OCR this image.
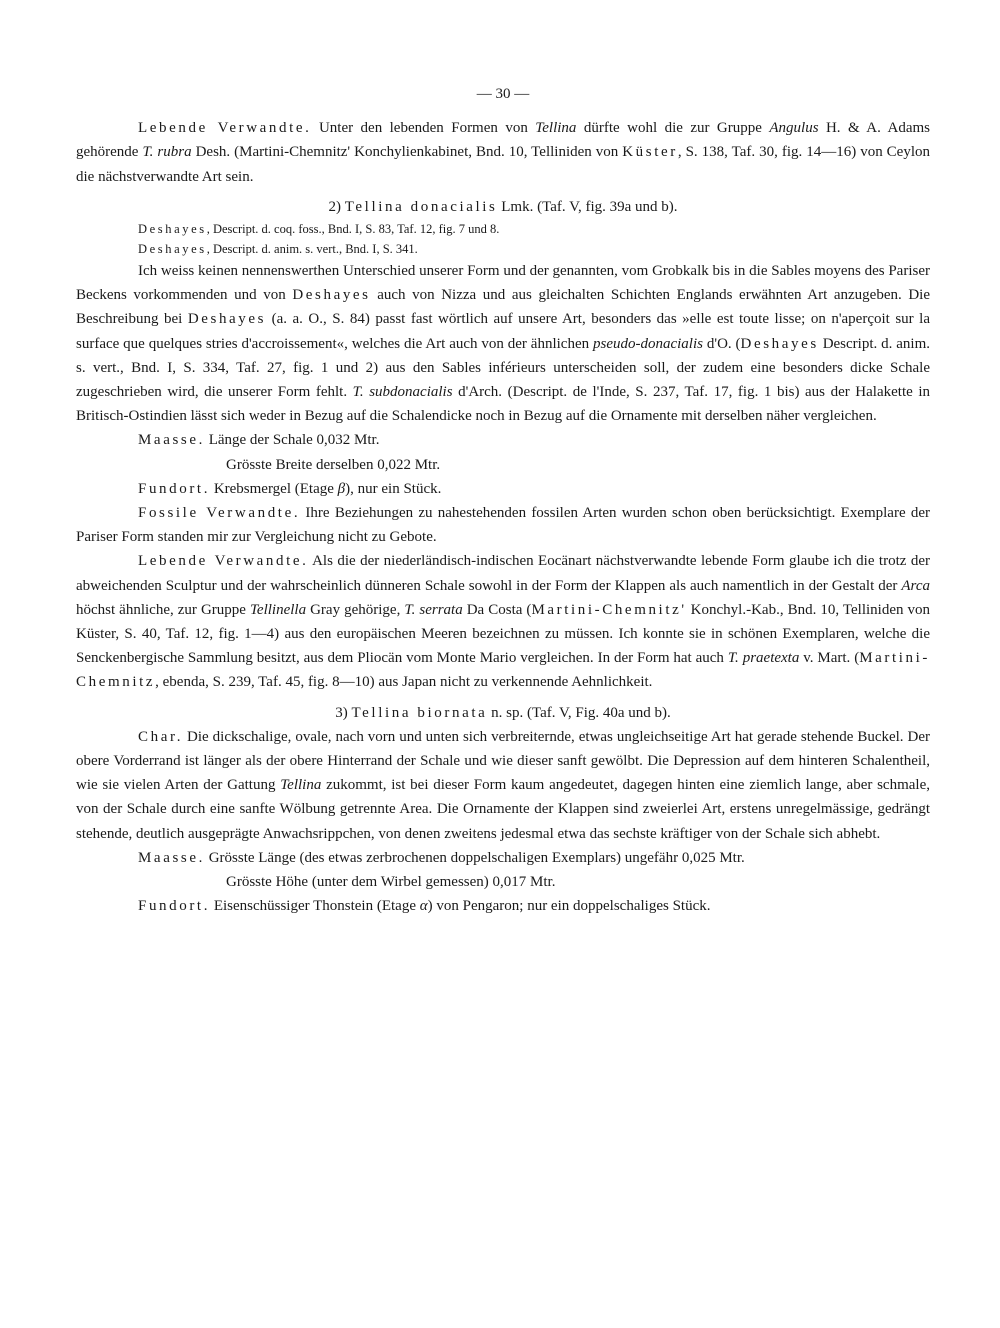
— 30 —

Lebende Verwandte. Unter den lebenden Formen von Tellina dürfte wohl die zur Gruppe Angulus H. & A. Adams gehörende T. rubra Desh. (Martini-Chemnitz' Konchylienkabinet, Bnd. 10, Telliniden von Küster, S. 138, Taf. 30, fig. 14—16) von Ceylon die nächstverwandte Art sein.

2) Tellina donacialis Lmk. (Taf. V, fig. 39a und b).

Deshayes, Descript. d. coq. foss., Bnd. I, S. 83, Taf. 12, fig. 7 und 8.

Deshayes, Descript. d. anim. s. vert., Bnd. I, S. 341.

Ich weiss keinen nennenswerthen Unterschied unserer Form und der genannten, vom Grobkalk bis in die Sables moyens des Pariser Beckens vorkommenden und von Deshayes auch von Nizza und aus gleichalten Schichten Englands erwähnten Art anzugeben. Die Beschreibung bei Deshayes (a. a. O., S. 84) passt fast wörtlich auf unsere Art, besonders das »elle est toute lisse; on n'aperçoit sur la surface que quelques stries d'accroissement«, welches die Art auch von der ähnlichen pseudo-donacialis d'O. (Deshayes Descript. d. anim. s. vert., Bnd. I, S. 334, Taf. 27, fig. 1 und 2) aus den Sables inférieurs unterscheiden soll, der zudem eine besonders dicke Schale zugeschrieben wird, die unserer Form fehlt. T. subdonacialis d'Arch. (Descript. de l'Inde, S. 237, Taf. 17, fig. 1 bis) aus der Halakette in Britisch-Ostindien lässt sich weder in Bezug auf die Schalendicke noch in Bezug auf die Ornamente mit derselben näher vergleichen.

Maasse. Länge der Schale 0,032 Mtr.

Grösste Breite derselben 0,022 Mtr.

Fundort. Krebsmergel (Etage β), nur ein Stück.

Fossile Verwandte. Ihre Beziehungen zu nahestehenden fossilen Arten wurden schon oben berücksichtigt. Exemplare der Pariser Form standen mir zur Vergleichung nicht zu Gebote.

Lebende Verwandte. Als die der niederländisch-indischen Eocänart nächstverwandte lebende Form glaube ich die trotz der abweichenden Sculptur und der wahrscheinlich dünneren Schale sowohl in der Form der Klappen als auch namentlich in der Gestalt der Arca höchst ähnliche, zur Gruppe Tellinella Gray gehörige, T. serrata Da Costa (Martini-Chemnitz' Konchyl.-Kab., Bnd. 10, Telliniden von Küster, S. 40, Taf. 12, fig. 1—4) aus den europäischen Meeren bezeichnen zu müssen. Ich konnte sie in schönen Exemplaren, welche die Senckenbergische Sammlung besitzt, aus dem Pliocän vom Monte Mario vergleichen. In der Form hat auch T. praetexta v. Mart. (Martini-Chemnitz, ebenda, S. 239, Taf. 45, fig. 8—10) aus Japan nicht zu verkennende Aehnlichkeit.

3) Tellina biornata n. sp. (Taf. V, Fig. 40a und b).

Char. Die dickschalige, ovale, nach vorn und unten sich verbreiternde, etwas ungleichseitige Art hat gerade stehende Buckel. Der obere Vorderrand ist länger als der obere Hinterrand der Schale und wie dieser sanft gewölbt. Die Depression auf dem hinteren Schalentheil, wie sie vielen Arten der Gattung Tellina zukommt, ist bei dieser Form kaum angedeutet, dagegen hinten eine ziemlich lange, aber schmale, von der Schale durch eine sanfte Wölbung getrennte Area. Die Ornamente der Klappen sind zweierlei Art, erstens unregelmässige, gedrängt stehende, deutlich ausgeprägte Anwachsrippchen, von denen zweitens jedesmal etwa das sechste kräftiger von der Schale sich abhebt.

Maasse. Grösste Länge (des etwas zerbrochenen doppelschaligen Exemplars) ungefähr 0,025 Mtr.

Grösste Höhe (unter dem Wirbel gemessen) 0,017 Mtr.

Fundort. Eisenschüssiger Thonstein (Etage α) von Pengaron; nur ein doppelschaliges Stück.
